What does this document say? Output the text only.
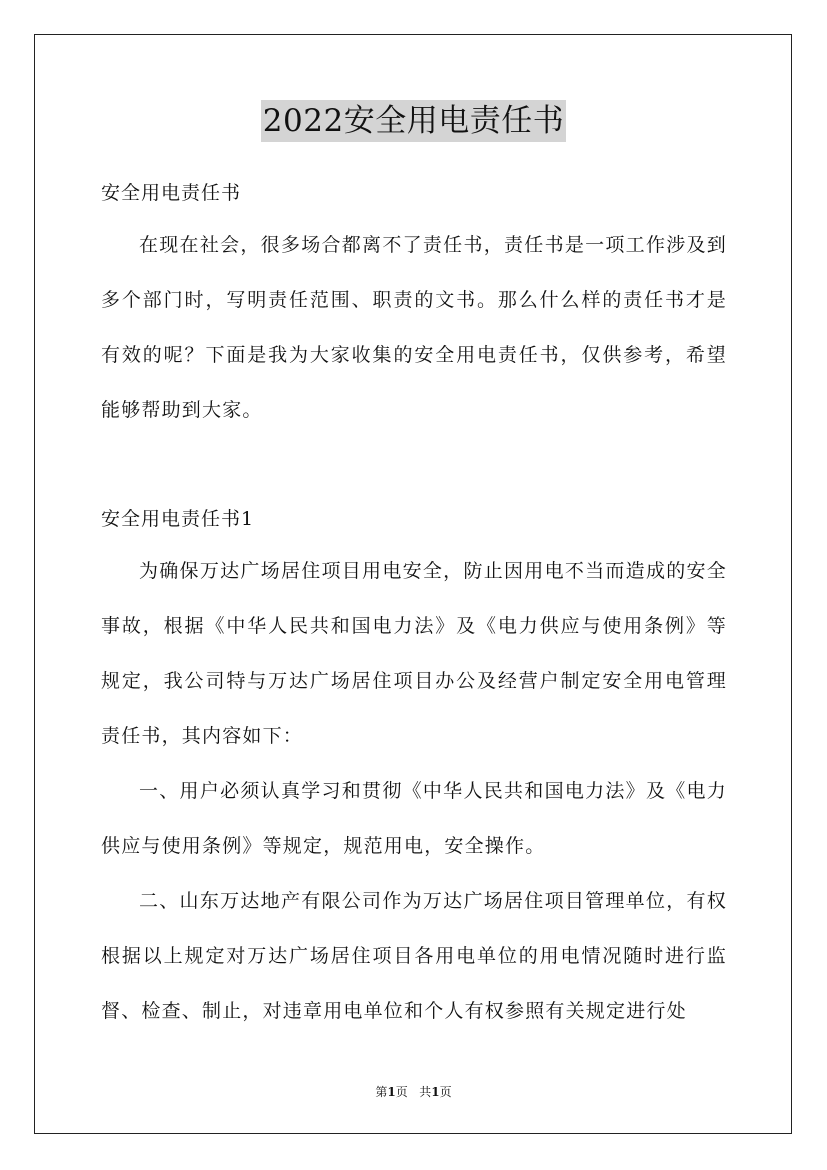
2022安全用电责任书
安全用电责任书

在现在社会，很多场合都离不了责任书，责任书是一项工作涉及到多个部门时，写明责任范围、职责的文书。那么什么样的责任书才是有效的呢？下面是我为大家收集的安全用电责任书，仅供参考，希望能够帮助到大家。

安全用电责任书1

为确保万达广场居住项目用电安全，防止因用电不当而造成的安全事故，根据《中华人民共和国电力法》及《电力供应与使用条例》等规定，我公司特与万达广场居住项目办公及经营户制定安全用电管理责任书，其内容如下：

一、用户必须认真学习和贯彻《中华人民共和国电力法》及《电力供应与使用条例》等规定，规范用电，安全操作。

二、山东万达地产有限公司作为万达广场居住项目管理单位，有权根据以上规定对万达广场居住项目各用电单位的用电情况随时进行监督、检查、制止，对违章用电单位和个人有权参照有关规定进行处

第1页 共1页
